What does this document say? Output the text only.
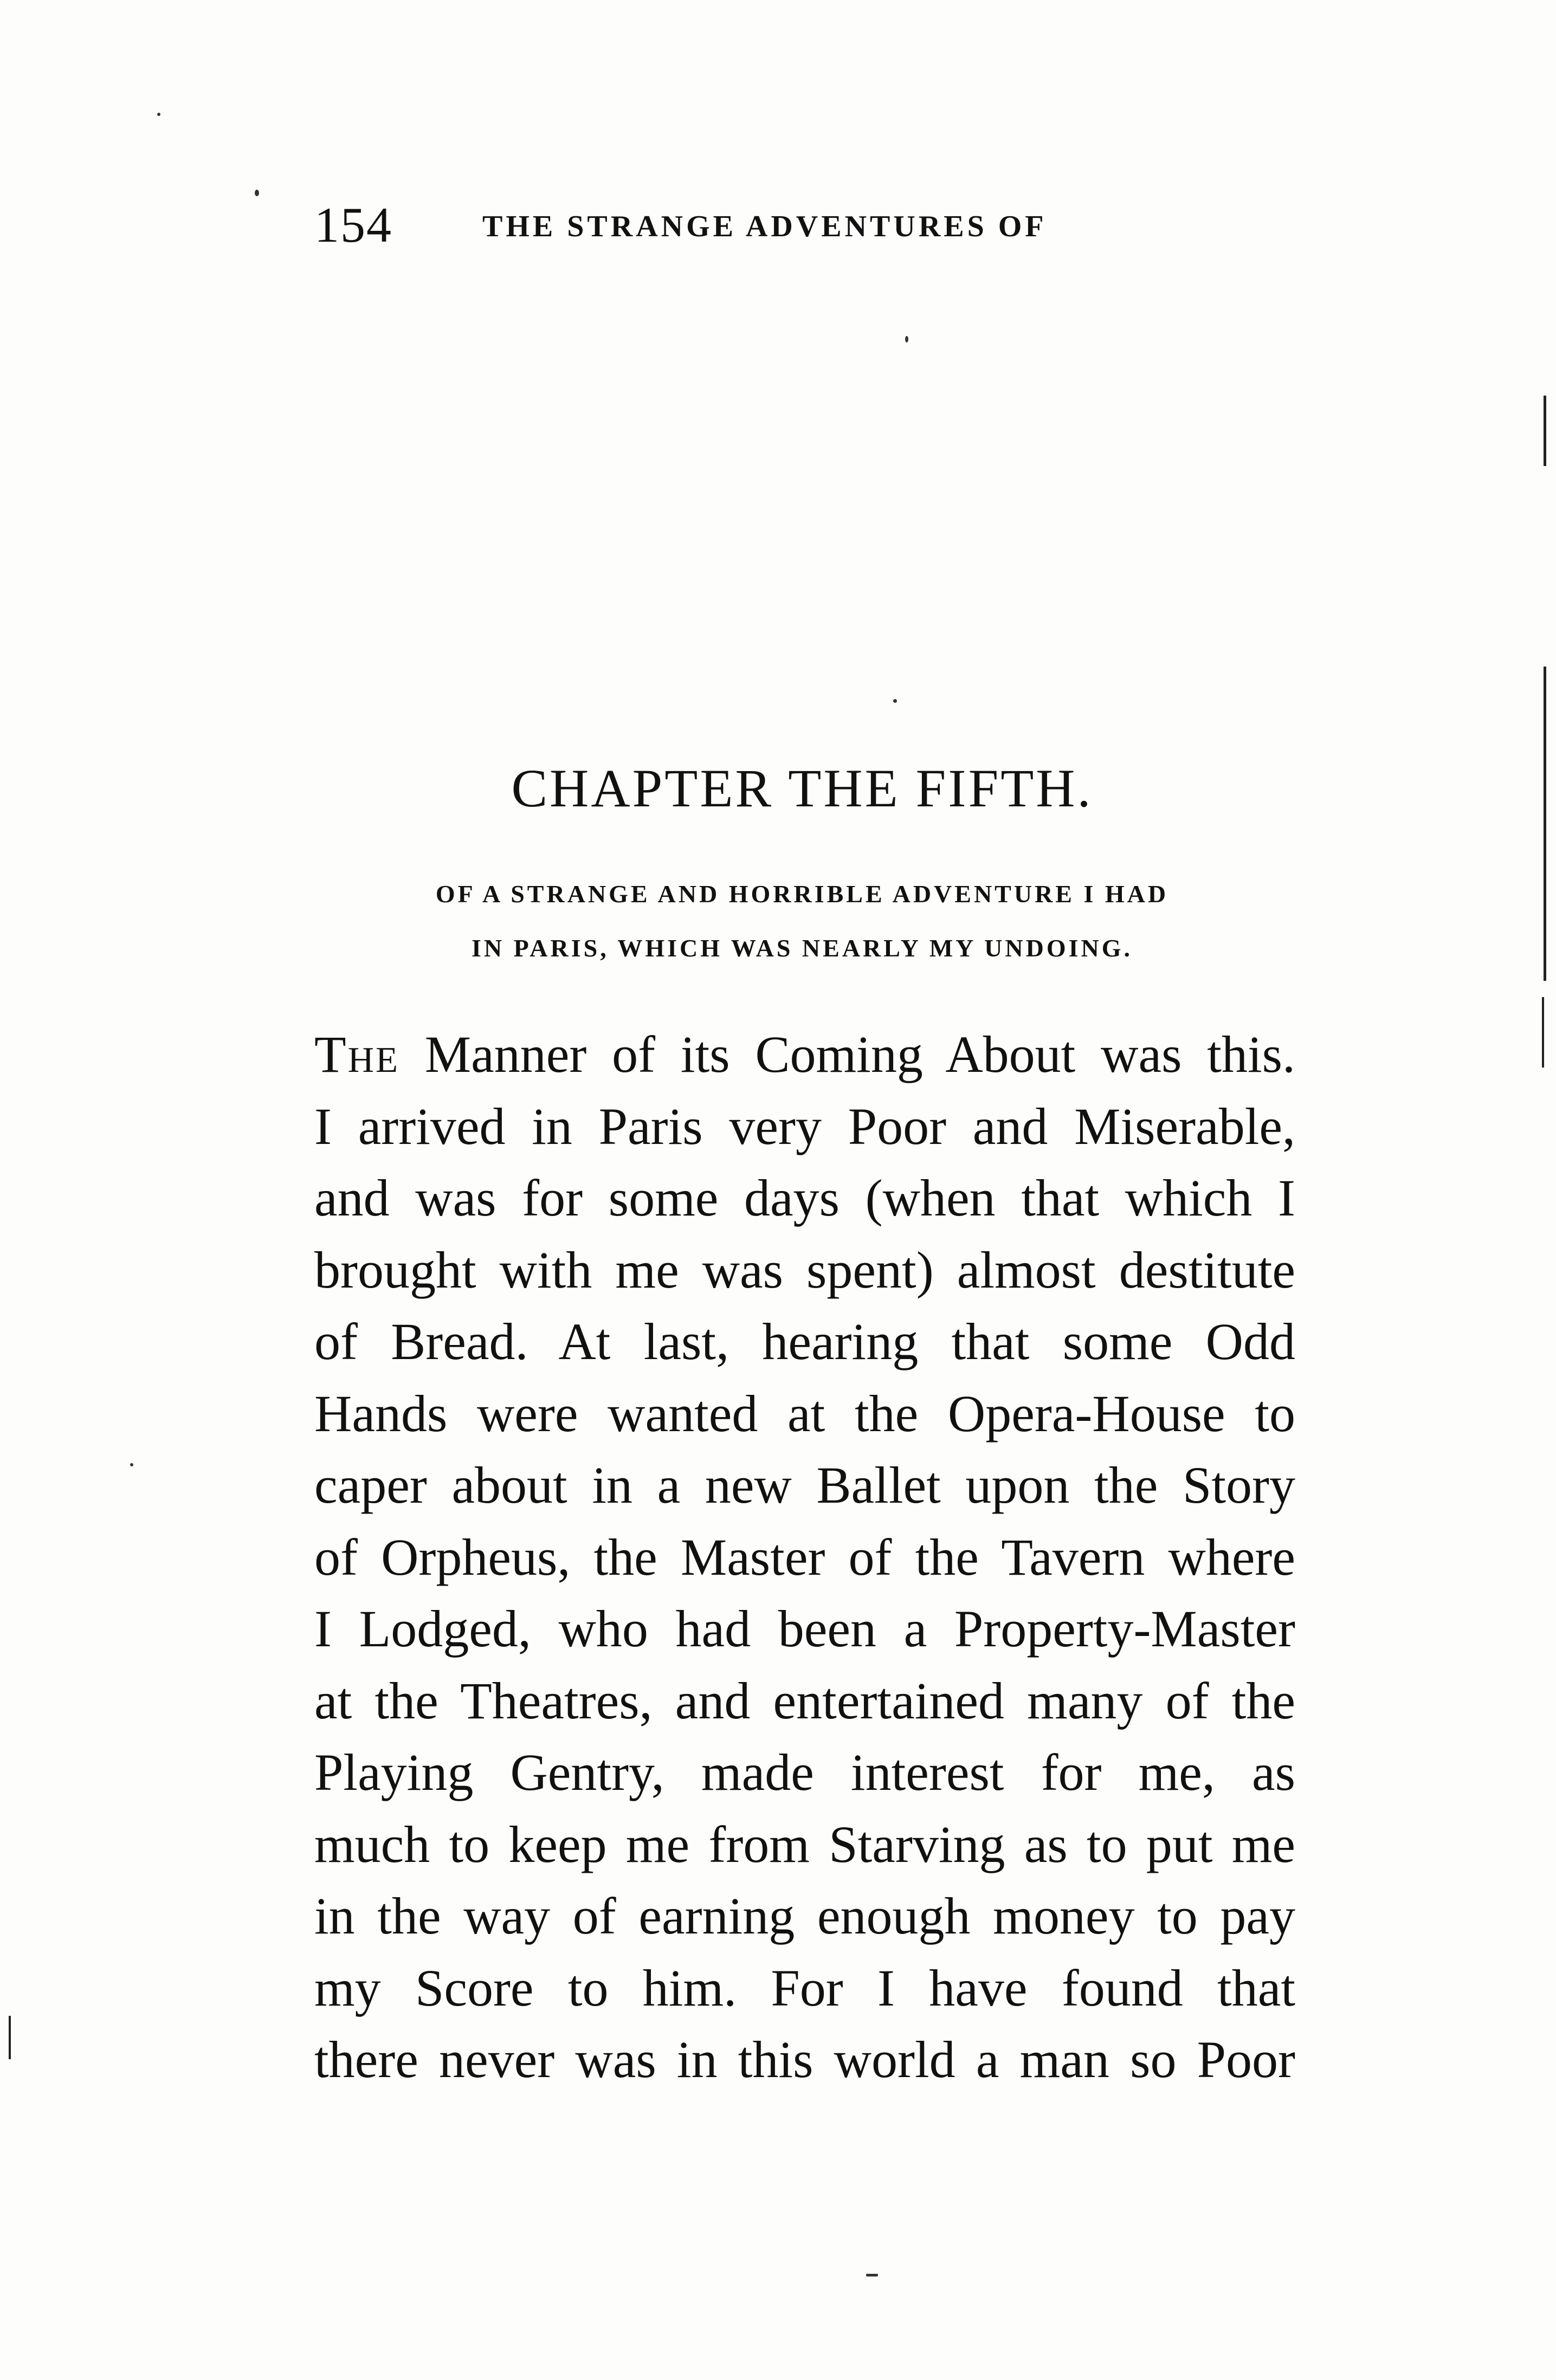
154	THE STRANGE ADVENTURES OF
CHAPTER THE FIFTH.
OF A STRANGE AND HORRIBLE ADVENTURE I HAD
IN PARIS, WHICH WAS NEARLY MY UNDOING.
The Manner of its Coming About was this.
I arrived in Paris very Poor and Miserable,
and was for some days (when that which I
brought with me was spent) almost destitute
of Bread. At last, hearing that some Odd
Hands were wanted at the Opera-House to
caper about in a new Ballet upon the Story
of Orpheus, the Master of the Tavern where
I Lodged, who had been a Property-Master
at the Theatres, and entertained many of the
Playing Gentry, made interest for me, as
much to keep me from Starving as to put me
in the way of earning enough money to pay
my Score to him. For I have found that
there never was in this world a man so Poor
